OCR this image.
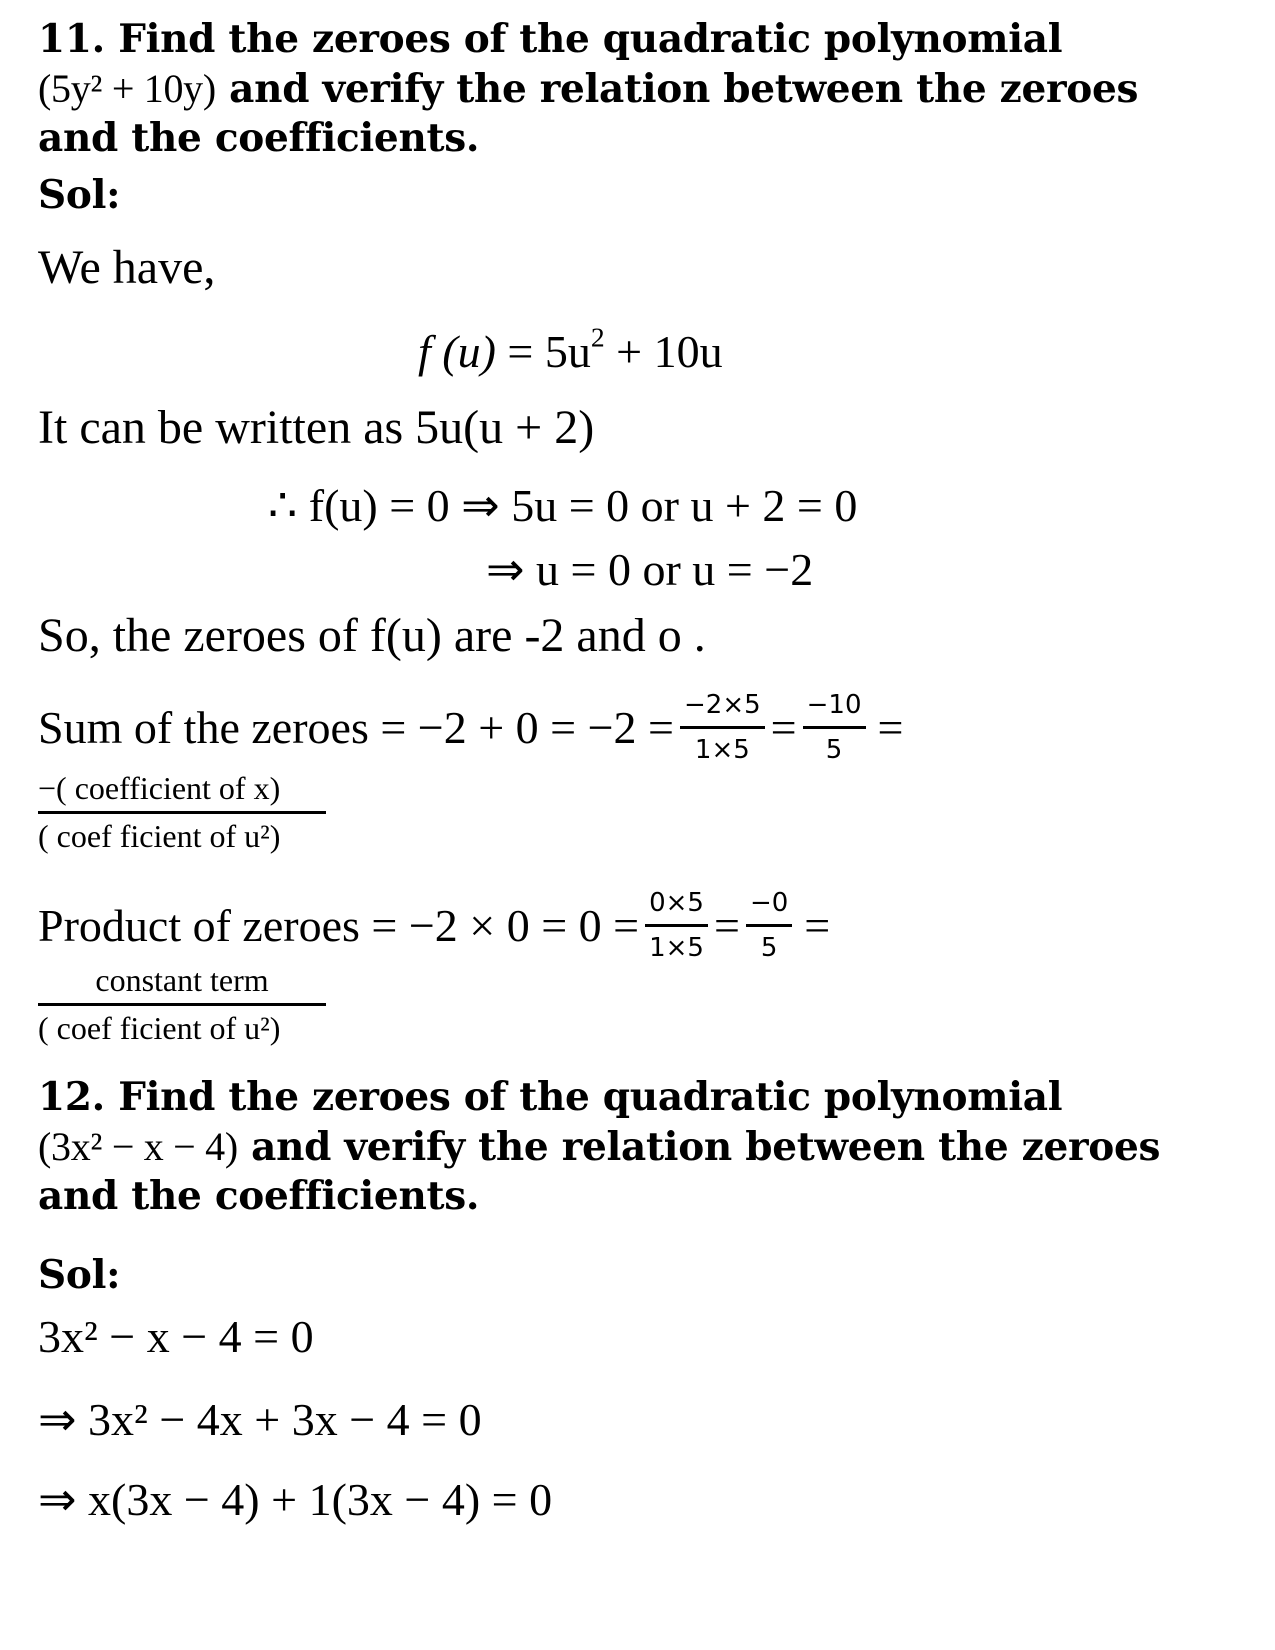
11. Find the zeroes of the quadratic polynomial
(5y² + 10y) and verify the relation between the zeroes
and the coefficients.
Sol:
We have,
f $(u) = 5u^2 + 10u$
It can be written as 5u(u + 2)
∴ f(u) = 0 ⇒ 5u = 0 or u + 2 = 0
⇒ u = 0 or u = −2
So, the zeroes of f(u) are -2 and o .
Sum of the zeroes = $-2 + 0 = -2 = \frac{-2\times 5}{1\times 5} = \frac{-10}{5}$ =
−( coefficient of x)
( coef ficient of u²)
Product of zeroes = $-2 \times 0 = 0 = \frac{0\times 5}{1\times 5} = \frac{-0}{5}$ =
constant term
( coef ficient of u²)
12. Find the zeroes of the quadratic polynomial
(3x² − x − 4) and verify the relation between the zeroes
and the coefficients.
Sol:
3x² − x − 4 = 0
⇒ 3x² − 4x + 3x − 4 = 0
⇒ x(3x − 4) + 1(3x − 4) = 0
